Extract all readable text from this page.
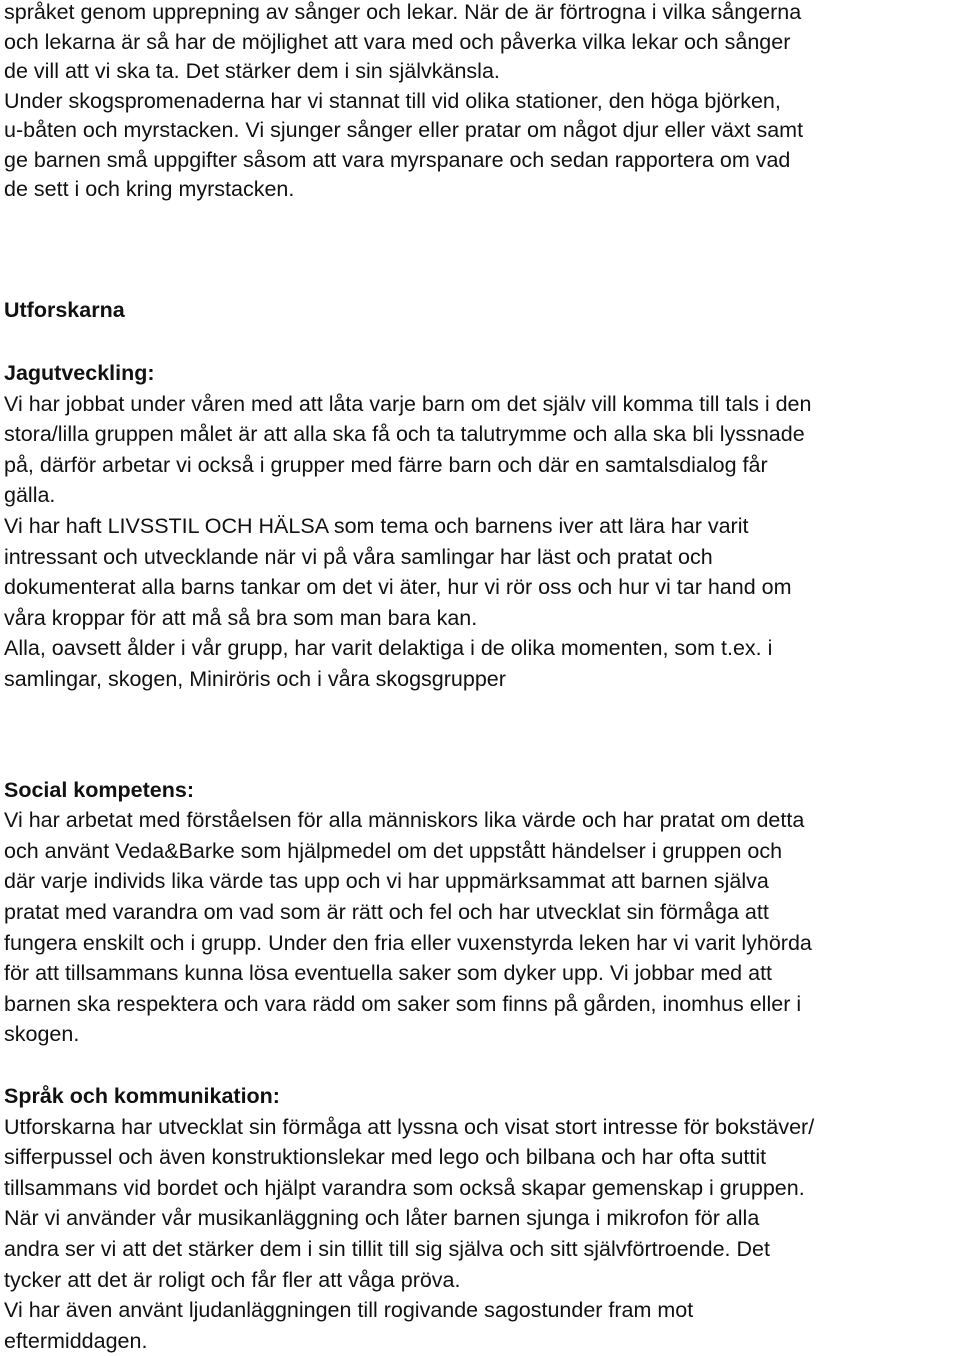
språket genom upprepning av sånger och lekar. När de är förtrogna i vilka sångerna
och lekarna är så har de möjlighet att vara med och påverka vilka lekar och sånger
de vill att vi ska ta. Det stärker dem i sin självkänsla.
Under skogspromenaderna har vi stannat till vid olika stationer, den höga björken,
u-båten och myrstacken. Vi sjunger sånger eller pratar om något djur eller växt samt
ge barnen små uppgifter såsom att vara myrspanare och sedan rapportera om vad
de sett i och kring myrstacken.
Utforskarna
Jagutveckling:
Vi har jobbat under våren med att låta varje barn om det själv vill komma till tals i den
stora/lilla gruppen målet är att alla ska få och ta talutrymme och alla ska bli lyssnade
på, därför arbetar vi också i grupper med färre barn och där en samtalsdialog får
gälla.
Vi har haft LIVSSTIL OCH HÄLSA som tema och barnens iver att lära har varit
intressant och utvecklande när vi på våra samlingar har läst och pratat och
dokumenterat alla barns tankar om det vi äter, hur vi rör oss och hur vi tar hand om
våra kroppar för att må så bra som man bara kan.
Alla, oavsett ålder i vår grupp, har varit delaktiga i de olika momenten, som t.ex. i
samlingar, skogen, Miniröris och i våra skogsgrupper
Social kompetens:
Vi har arbetat med förståelsen för alla människors lika värde och har pratat om detta
och använt Veda&Barke som hjälpmedel om det uppstått händelser i gruppen och
där varje individs lika värde tas upp och vi har uppmärksammat att barnen själva
pratat med varandra om vad som är rätt och fel och har utvecklat sin förmåga att
fungera enskilt och i grupp. Under den fria eller vuxenstyrda leken har vi varit lyhörda
för att tillsammans kunna lösa eventuella saker som dyker upp. Vi jobbar med att
barnen ska respektera och vara rädd om saker som finns på gården, inomhus eller i
skogen.
Språk och kommunikation:
Utforskarna har utvecklat sin förmåga att lyssna och visat stort intresse för bokstäver/
sifferpussel och även konstruktionslekar med lego och bilbana och har ofta suttit
tillsammans vid bordet och hjälpt varandra som också skapar gemenskap i gruppen.
När vi använder vår musikanläggning och låter barnen sjunga i mikrofon för alla
andra ser vi att det stärker dem i sin tillit till sig själva och sitt självförtroende. Det
tycker att det är roligt och får fler att våga pröva.
Vi har även använt ljudanläggningen till rogivande sagostunder fram mot
eftermiddagen.
